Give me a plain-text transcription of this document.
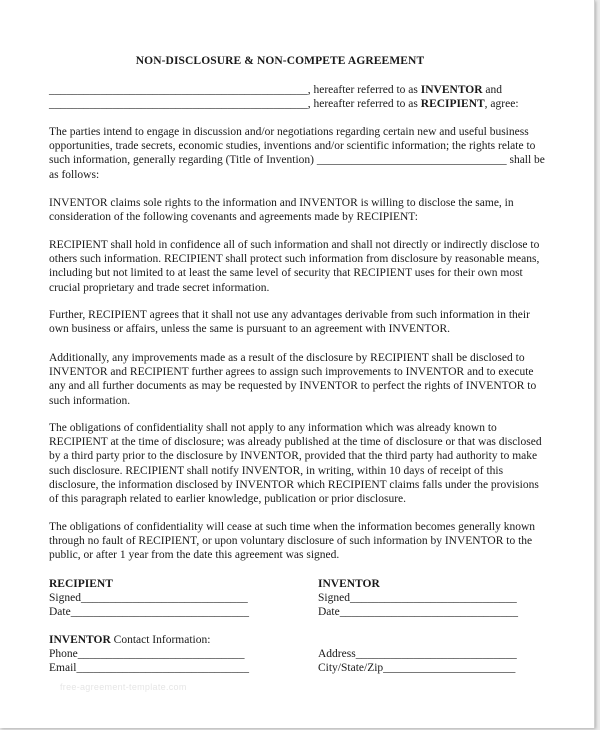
NON-DISCLOSURE & NON-COMPETE AGREEMENT
_____________________________________________, hereafter referred to as INVENTOR and
_____________________________________________, hereafter referred to as RECIPIENT, agree:
The parties intend to engage in discussion and/or negotiations regarding certain new and useful business opportunities, trade secrets, economic studies, inventions and/or scientific information; the rights relate to such information, generally regarding (Title of Invention) _________________________________ shall be as follows:
INVENTOR claims sole rights to the information and INVENTOR is willing to disclose the same, in consideration of the following covenants and agreements made by RECIPIENT:
RECIPIENT shall hold in confidence all of such information and shall not directly or indirectly disclose to others such information. RECIPIENT shall protect such information from disclosure by reasonable means, including but not limited to at least the same level of security that RECIPIENT uses for their own most crucial proprietary and trade secret information.
Further, RECIPIENT agrees that it shall not use any advantages derivable from such information in their own business or affairs, unless the same is pursuant to an agreement with INVENTOR.
Additionally, any improvements made as a result of the disclosure by RECIPIENT shall be disclosed to INVENTOR and RECIPIENT further agrees to assign such improvements to INVENTOR and to execute any and all further documents as may be requested by INVENTOR to perfect the rights of INVENTOR to such information.
The obligations of confidentiality shall not apply to any information which was already known to RECIPIENT at the time of disclosure; was already published at the time of disclosure or that was disclosed by a third party prior to the disclosure by INVENTOR, provided that the third party had authority to make such disclosure. RECIPIENT shall notify INVENTOR, in writing, within 10 days of receipt of this disclosure, the information disclosed by INVENTOR which RECIPIENT claims falls under the provisions of this paragraph related to earlier knowledge, publication or prior disclosure.
The obligations of confidentiality will cease at such time when the information becomes generally known through no fault of RECIPIENT, or upon voluntary disclosure of such information by INVENTOR to the public, or after 1 year from the date this agreement was signed.
RECIPIENT
Signed_____________________________
Date_______________________________
INVENTOR
Signed_____________________________
Date_______________________________
INVENTOR Contact Information:
Phone_____________________________
Email______________________________
Address____________________________
City/State/Zip_______________________
free-agreement-template.com
